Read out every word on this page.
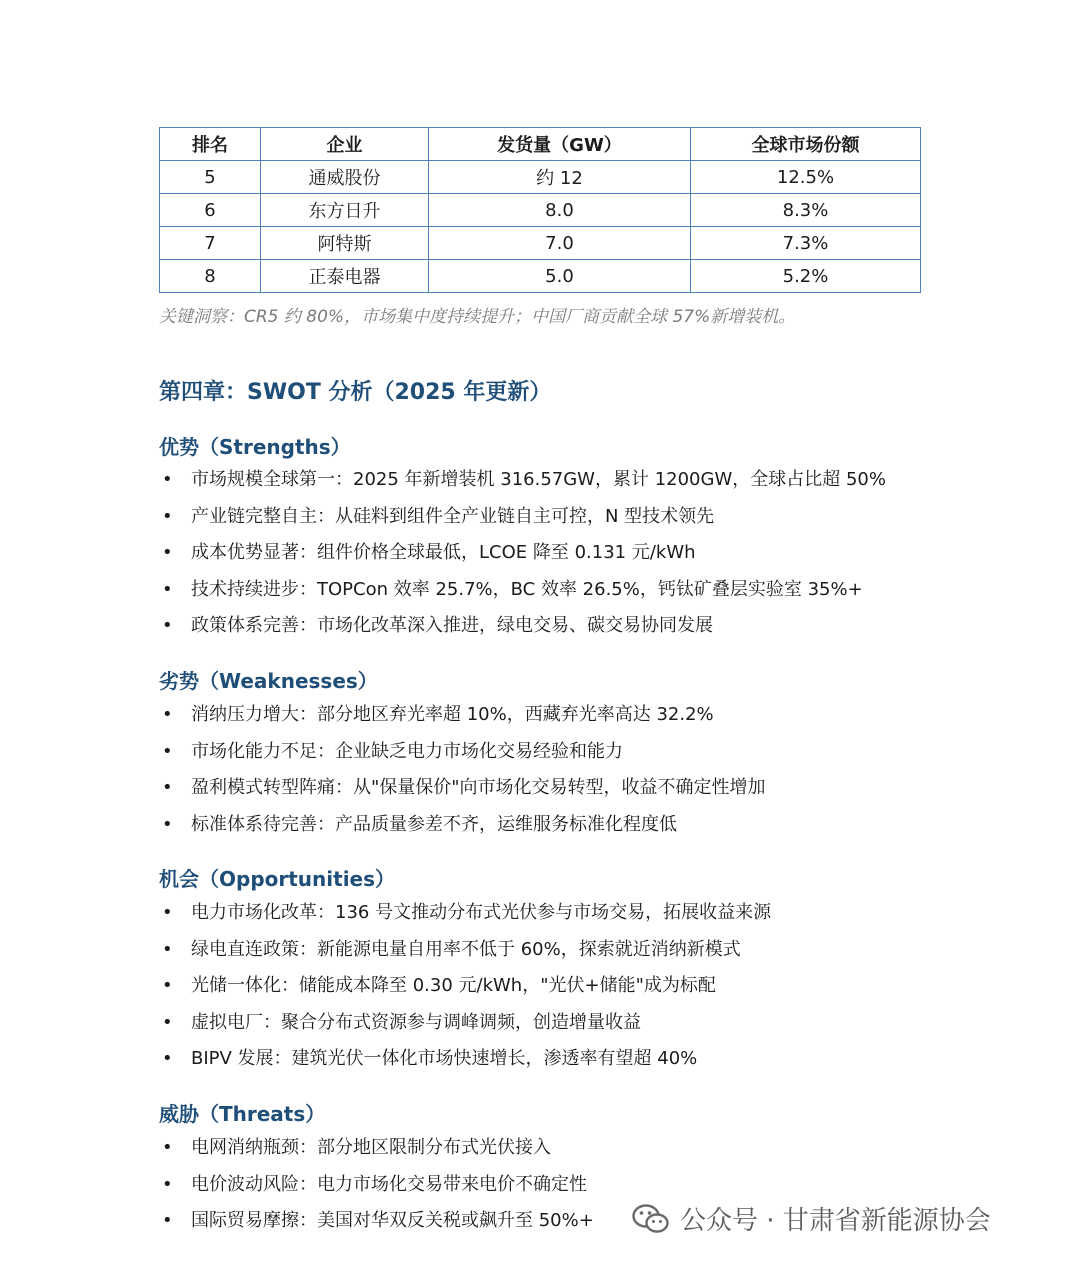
排名	企业	发货量（GW）	全球市场份额
5	通威股份	约 12	12.5%
6	东方日升	8.0	8.3%
7	阿特斯	7.0	7.3%
8	正泰电器	5.0	5.2%
关键洞察：CR5 约 80%，市场集中度持续提升；中国厂商贡献全球 57%新增装机。
第四章：SWOT 分析（2025 年更新）
优势（Strengths）
• 市场规模全球第一：2025 年新增装机 316.57GW，累计 1200GW，全球占比超 50%
• 产业链完整自主：从硅料到组件全产业链自主可控，N 型技术领先
• 成本优势显著：组件价格全球最低，LCOE 降至 0.131 元/kWh
• 技术持续进步：TOPCon 效率 25.7%，BC 效率 26.5%，钙钛矿叠层实验室 35%+
• 政策体系完善：市场化改革深入推进，绿电交易、碳交易协同发展
劣势（Weaknesses）
• 消纳压力增大：部分地区弃光率超 10%，西藏弃光率高达 32.2%
• 市场化能力不足：企业缺乏电力市场化交易经验和能力
• 盈利模式转型阵痛：从"保量保价"向市场化交易转型，收益不确定性增加
• 标准体系待完善：产品质量参差不齐，运维服务标准化程度低
机会（Opportunities）
• 电力市场化改革：136 号文推动分布式光伏参与市场交易，拓展收益来源
• 绿电直连政策：新能源电量自用率不低于 60%，探索就近消纳新模式
• 光储一体化：储能成本降至 0.30 元/kWh，"光伏+储能"成为标配
• 虚拟电厂：聚合分布式资源参与调峰调频，创造增量收益
• BIPV 发展：建筑光伏一体化市场快速增长，渗透率有望超 40%
威胁（Threats）
• 电网消纳瓶颈：部分地区限制分布式光伏接入
• 电价波动风险：电力市场化交易带来电价不确定性
• 国际贸易摩擦：美国对华双反关税或飙升至 50%+	公众号 · 甘肃省新能源协会
